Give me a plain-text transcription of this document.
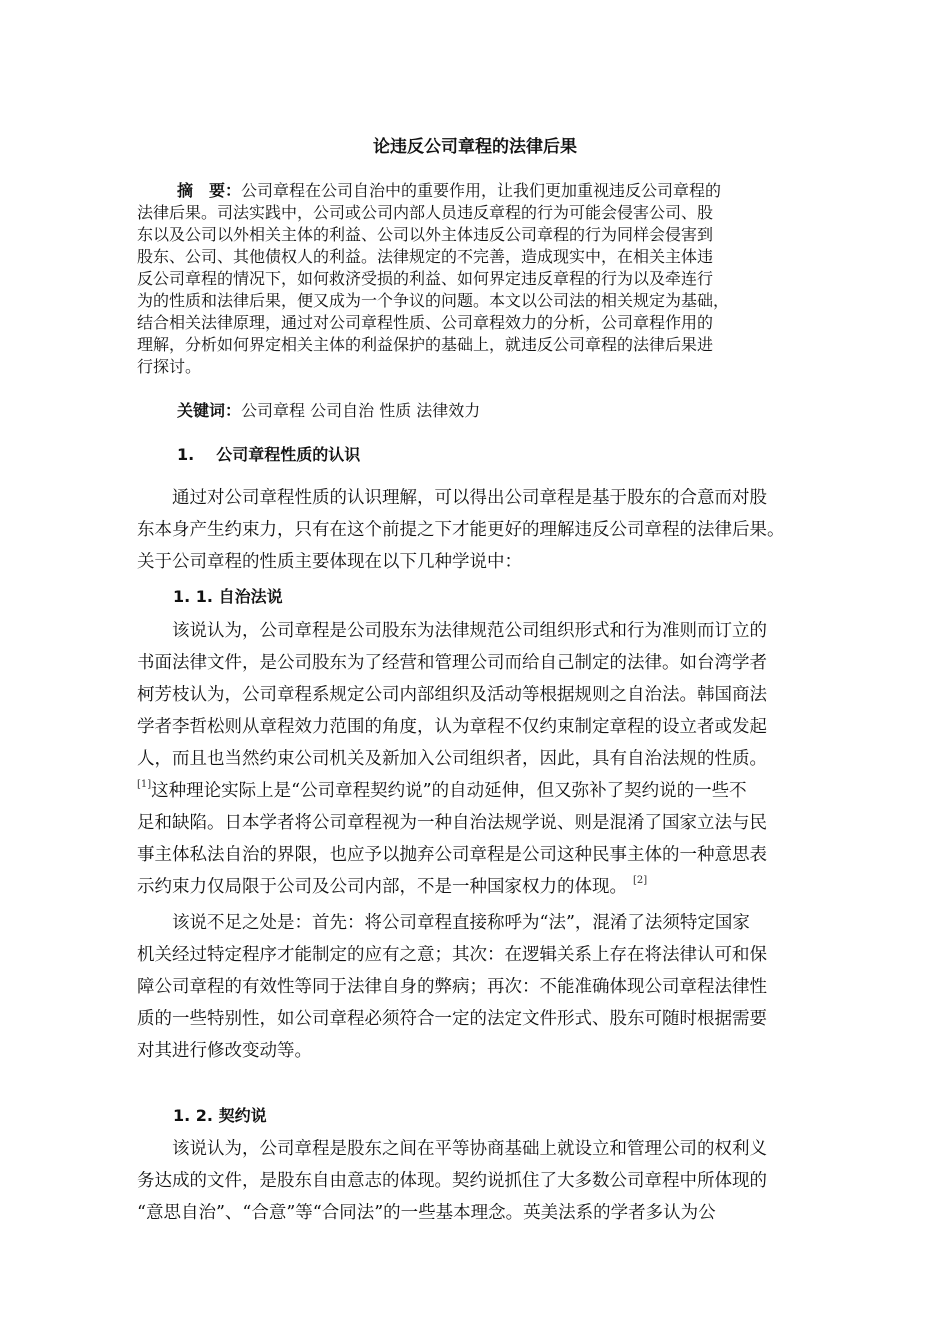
论违反公司章程的法律后果

摘　要：公司章程在公司自治中的重要作用，让我们更加重视违反公司章程的

法律后果。司法实践中，公司或公司内部人员违反章程的行为可能会侵害公司、股

东以及公司以外相关主体的利益、公司以外主体违反公司章程的行为同样会侵害到

股东、公司、其他债权人的利益。法律规定的不完善，造成现实中，在相关主体违

反公司章程的情况下，如何救济受损的利益、如何界定违反章程的行为以及牵连行

为的性质和法律后果，便又成为一个争议的问题。本文以公司法的相关规定为基础，

结合相关法律原理，通过对公司章程性质、公司章程效力的分析，公司章程作用的

理解，分析如何界定相关主体的利益保护的基础上，就违反公司章程的法律后果进

行探讨。

关键词：公司章程 公司自治 性质 法律效力

1. 公司章程性质的认识

通过对公司章程性质的认识理解，可以得出公司章程是基于股东的合意而对股

东本身产生约束力，只有在这个前提之下才能更好的理解违反公司章程的法律后果。

关于公司章程的性质主要体现在以下几种学说中：

1. 1. 自治法说

该说认为，公司章程是公司股东为法律规范公司组织形式和行为准则而订立的

书面法律文件，是公司股东为了经营和管理公司而给自己制定的法律。如台湾学者

柯芳枝认为，公司章程系规定公司内部组织及活动等根据规则之自治法。韩国商法

学者李哲松则从章程效力范围的角度，认为章程不仅约束制定章程的设立者或发起

人，而且也当然约束公司机关及新加入公司组织者，因此，具有自治法规的性质。

[1]这种理论实际上是“公司章程契约说”的自动延伸，但又弥补了契约说的一些不

足和缺陷。日本学者将公司章程视为一种自治法规学说、则是混淆了国家立法与民

事主体私法自治的界限，也应予以抛弃公司章程是公司这种民事主体的一种意思表

示约束力仅局限于公司及公司内部，不是一种国家权力的体现。 [2]

该说不足之处是：首先：将公司章程直接称呼为“法”，混淆了法须特定国家

机关经过特定程序才能制定的应有之意；其次：在逻辑关系上存在将法律认可和保

障公司章程的有效性等同于法律自身的弊病；再次：不能准确体现公司章程法律性

质的一些特别性，如公司章程必须符合一定的法定文件形式、股东可随时根据需要

对其进行修改变动等。

1. 2. 契约说

该说认为，公司章程是股东之间在平等协商基础上就设立和管理公司的权利义

务达成的文件，是股东自由意志的体现。契约说抓住了大多数公司章程中所体现的

“意思自治”、“合意”等“合同法”的一些基本理念。英美法系的学者多认为公
